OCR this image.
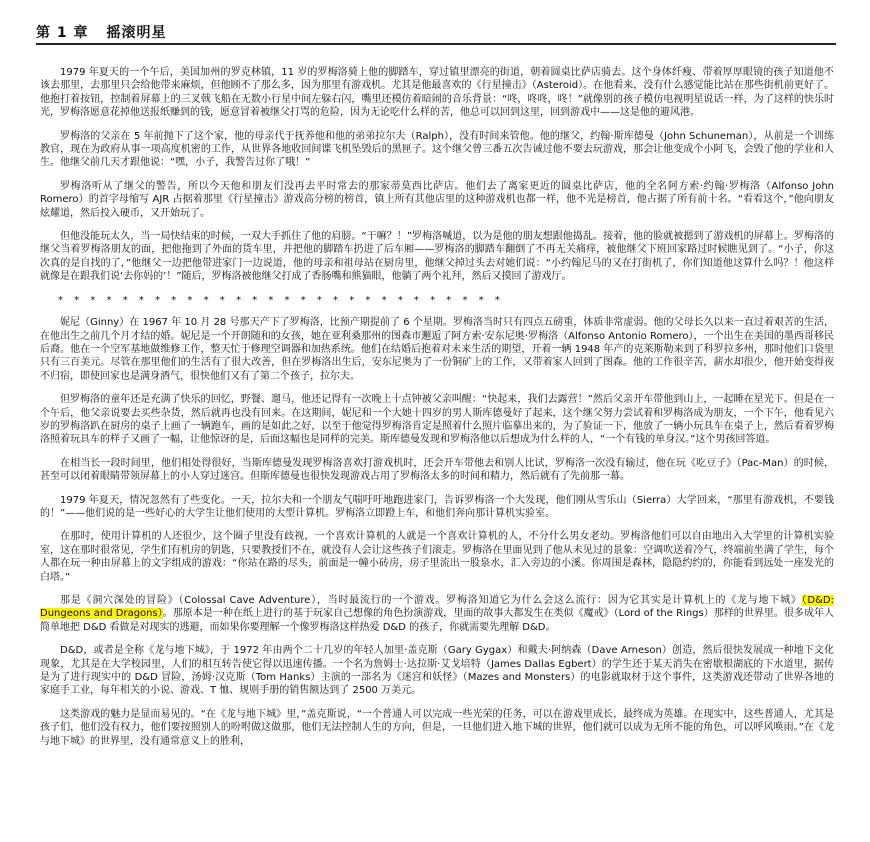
第 1 章 摇滚明星

1979 年夏天的一个午后，美国加州的罗克林镇，11 岁的罗梅洛骑上他的脚踏车，穿过镇里漂亮的街道，朝着圆桌比萨店骑去。这个身体纤瘦、带着厚厚眼镜的孩子知道他不该去那里，去那里只会给他带来麻烦，但他顾不了那么多，因为那里有游戏机。尤其是他最喜欢的《行星撞击》（Asteroid）。在他看来，没有什么感觉能比站在那些街机前更好了。他抱打着按钮，控制着屏幕上的三叉戟飞船在无数小行星中间左躲右闪，嘴里还模仿着暗闹的音乐背景：“咚，咚咚，咚！”就像别的孩子模仿电视明星说话一样，为了这样的快乐时光，罗梅洛愿意花掉他送报纸赚到的钱，愿意冒着被继父打骂的危险，因为无论吃什么样的苦，他总可以回到这里，回到游戏中——这是他的避风港。

罗梅洛的父亲在 5 年前抛下了这个家，他的母亲代于抚养他和他的弟弟拉尔夫（Ralph），没有时间来管他。他的继父，约翰·斯库德曼（John Schuneman），从前是一个训练教官，现在为政府从事一项高度机密的工作，从世界各地收回间谍飞机坠毁后的黑匣子。这个继父曾三番五次告诫过他不要去玩游戏，那会让他变成个小阿飞，会毁了他的学业和人生。他继父前几天才跟他说：“嘿，小子，我警告过你了哦！”

罗梅洛听从了继父的警告，所以今天他和朋友们没再去平时常去的那家蒂莫西比萨店。他们去了离家更近的圆桌比萨店，他的全名阿方索·约翰·罗梅洛（Alfonso John Romero）的首字母缩写 AJR 占据着那里《行星撞击》游戏高分榜的榜首，镇上所有其他店里的这种游戏机也都一样，他不光是榜首，他占据了所有前十名。“看看这个，”他向朋友炫耀道，然后投入硬币，又开始玩了。

但他没能玩太久，当一局快结束的时候，一双大手抓住了他的肩膀。“干嘛？！”罗梅洛喊道，以为是他的朋友想跟他捣乱。接着，他的脸就被摁到了游戏机的屏幕上。罗梅洛的继父当着罗梅洛朋友的面，把他拖到了外面的货车里，并把他的脚踏车扔进了后车厢——罗梅洛的脚踏车翻倒了不再无关痛痒，被他继父下班回家路过时候瞧见到了。“小子，你这次真的是自找的了，”他继父一边把他带进家门一边说道，他的母亲和祖母站在厨房里，他继父掉过头去对她们说：“小约翰尼马的又在打街机了，你们知道他这算什么吗？！他这样就像是在跟我们说‘去你妈的’！”随后，罗梅洛被他继父打成了香肠嘴和熊猫眼，他躺了两个礼拜，然后又摸回了游戏厅。

* * * * * * * * * * * * * * * * * * * * * * * * * * * *

妮尼（Ginny）在 1967 年 10 月 28 号那天产下了罗梅洛，比预产期提前了 6 个星期。罗梅洛当时只有四点五磅重，体质非常虚弱。他的父母长久以来一直过着艰苦的生活，在他出生之前几个月才结的婚。妮尼是一个开朗随和的女孩，她在亚利桑那州的图森市邂逅了阿方索·安东尼奥·罗梅洛（Alfonso Antonio Romero），一个出生在美国的墨西哥移民后裔。他在一个空军基地做维修工作，整天忙于修理空调器和加热系统。他们在结婚后抱着对未来生活的期望，开着一辆 1948 年产的克莱斯勒来到了科罗拉多州，那时他们口袋里只有三百美元。尽管在那里他们的生活有了很大改善，但在罗梅洛出生后，安东尼奥为了一份铜矿上的工作，又带着家人回到了图森。他的工作很辛苦，薪水却很少，他开始变得夜不归宿，即使回家也是满身酒气，很快他们又有了第二个孩子，拉尔夫。

但罗梅洛的童年还是充满了快乐的回忆，野餐、遛马，他还记得有一次晚上十点钟被父亲叫醒：“快起来，我们去露营！”然后父亲开车带他到山上，一起睡在星光下。但是在一个午后，他父亲说要去买些杂货，然后就再也没有回来。在这期间，妮尼和一个大她十四岁的男人斯库德曼好了起来，这个继父努力尝试着和罗梅洛成为朋友，一个下午，他看见六岁的罗梅洛趴在厨房的桌子上画了一辆跑车，画的是如此之好，以至于他觉得罗梅洛肯定是照着什么照片临摹出来的，为了验证一下，他放了一辆小玩具车在桌子上，然后看着罗梅洛照着玩具车的样子又画了一幅，让他惊讶的是，后面这幅也是同样的完美。斯库德曼发现和罗梅洛他以后想成为什么样的人，“一个有钱的单身汉。”这个男孩回答道。

在相当长一段时间里，他们相处得很好，当斯库德曼发现罗梅洛喜欢打游戏机时，还会开车带他去和别人比试，罗梅洛一次没有输过，他在玩《吃豆子》（Pac-Man）的时候，甚至可以闭着眼睛带领屏幕上的小人穿过迷宫。但斯库德曼也很快发现游戏占用了罗梅洛太多的时间和精力，然后就有了先前那一幕。

1979 年夏天，情况忽然有了些变化。一天，拉尔夫和一个朋友气喘吁吁地跑进家门，告诉罗梅洛一个大发现，他们刚从雪乐山（Sierra）大学回来，“那里有游戏机，不要钱的！”——他们说的是一些好心的大学生让他们使用的大型计算机。罗梅洛立即蹬上车，和他们奔向那计算机实验室。

在那时，使用计算机的人还很少，这个圈子里没有歧视，一个喜欢计算机的人就是一个喜欢计算机的人，不分什么男女老幼。罗梅洛他们可以自由地出入大学里的计算机实验室，这在那时很常见，学生们有机房的钥匙，只要教授们不在，就没有人会让这些孩子们滚走。罗梅洛在里面见到了他从未见过的景象：空调吹送着冷气，终端前坐满了学生，每个人都在玩一种由屏幕上的文字组成的游戏：“你站在路的尽头，前面是一幢小砖房，房子里流出一股泉水，汇入旁边的小溪。你周围是森林，隐隐约约的，你能看到远处一座发光的白塔。”

那是《洞穴深处的冒险》（Colossal Cave Adventure），当时最流行的一个游戏。罗梅洛知道它为什么会这么流行：因为它其实是计算机上的《龙与地下城》（D&D: Dungeons and Dragons）。那原本是一种在纸上进行的基于玩家自己想像的角色扮演游戏，里面的故事大都发生在类似《魔戒》（Lord of the Rings）那样的世界里。很多成年人简单地把 D&D 看做是对现实的逃避，而如果你要理解一个像罗梅洛这样热爱 D&D 的孩子，你就需要先理解 D&D。

D&D，或者是全称《龙与地下城》，于 1972 年由两个二十几岁的年轻人加里·盖克斯（Gary Gygax）和戴夫·阿纳森（Dave Arneson）创造，然后很快发展成一种地下文化现象，尤其是在大学校园里，人们的相互转告使它得以迅速传播。一个名为詹姆士·达拉斯·艾戈培特（James Dallas Egbert）的学生还于某天消失在密歇根湖底的下水道里，据传是为了进行现实中的 D&D 冒险，汤姆·汉克斯（Tom Hanks）主演的一部名为《迷宫和妖怪》（Mazes and Monsters）的电影就取材于这个事件，这类游戏还带动了世界各地的家庭手工业，每年相关的小说、游戏、T 恤、规则手册的销售额达到了 2500 万美元。

这类游戏的魅力是显而易见的。“在《龙与地下城》里，”盖克斯说，“一个普通人可以完成一些光荣的任务，可以在游戏里成长，最终成为英雄。在现实中，这些普通人，尤其是孩子们，他们没有权力，他们要按照别人的吩咐做这做那，他们无法控制人生的方向，但是，一旦他们进入地下城的世界，他们就可以成为无所不能的角色，可以呼风唤雨。”在《龙与地下城》的世界里，没有通常意义上的胜利，
